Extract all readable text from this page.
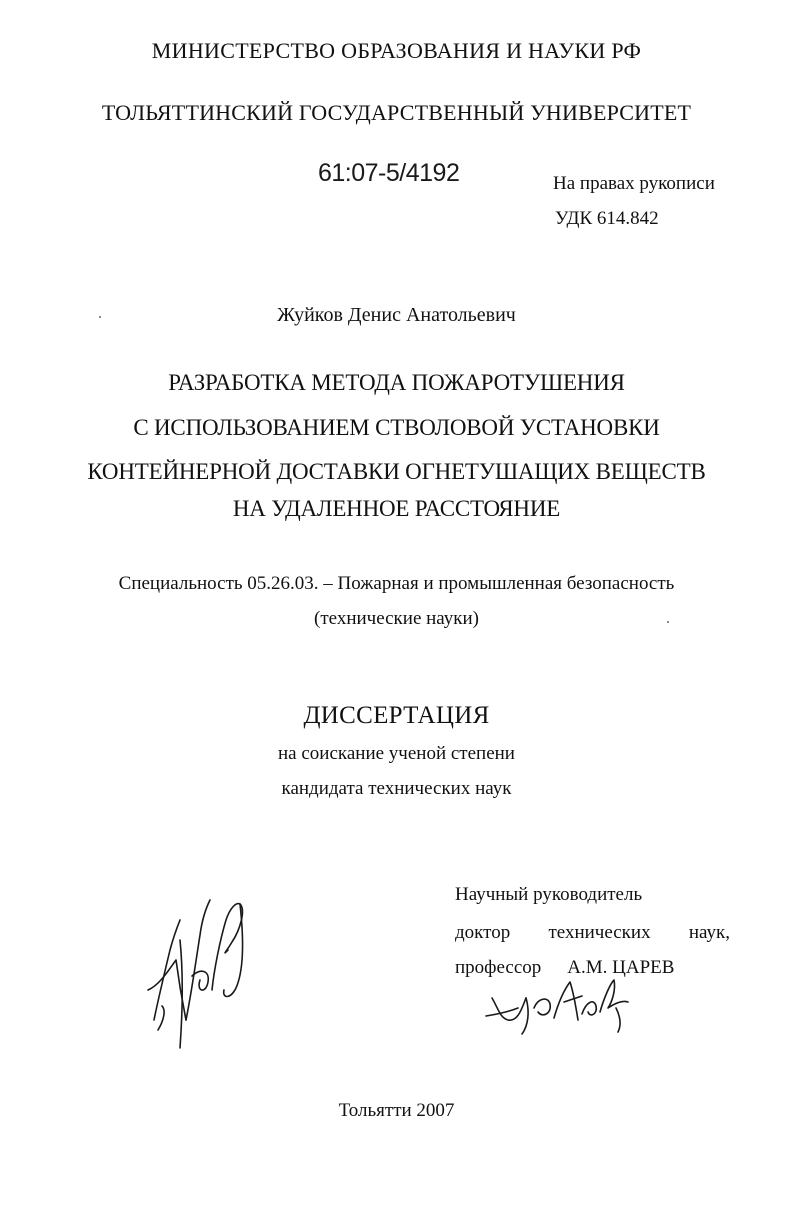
МИНИСТЕРСТВО ОБРАЗОВАНИЯ И НАУКИ РФ
ТОЛЬЯТТИНСКИЙ ГОСУДАРСТВЕННЫЙ УНИВЕРСИТЕТ
61:07-5/4192	На правах рукописи
УДК 614.842
Жуйков Денис Анатольевич
РАЗРАБОТКА МЕТОДА ПОЖАРОТУШЕНИЯ
С ИСПОЛЬЗОВАНИЕМ СТВОЛОВОЙ УСТАНОВКИ
КОНТЕЙНЕРНОЙ ДОСТАВКИ ОГНЕТУШАЩИХ ВЕЩЕСТВ
НА УДАЛЕННОЕ РАССТОЯНИЕ
Специальность 05.26.03. – Пожарная и промышленная безопасность
(технические науки)
ДИССЕРТАЦИЯ
на соискание ученой степени
кандидата технических наук
Научный руководитель
доктор технических наук,
профессор А.М. ЦАРЕВ
Тольятти 2007
